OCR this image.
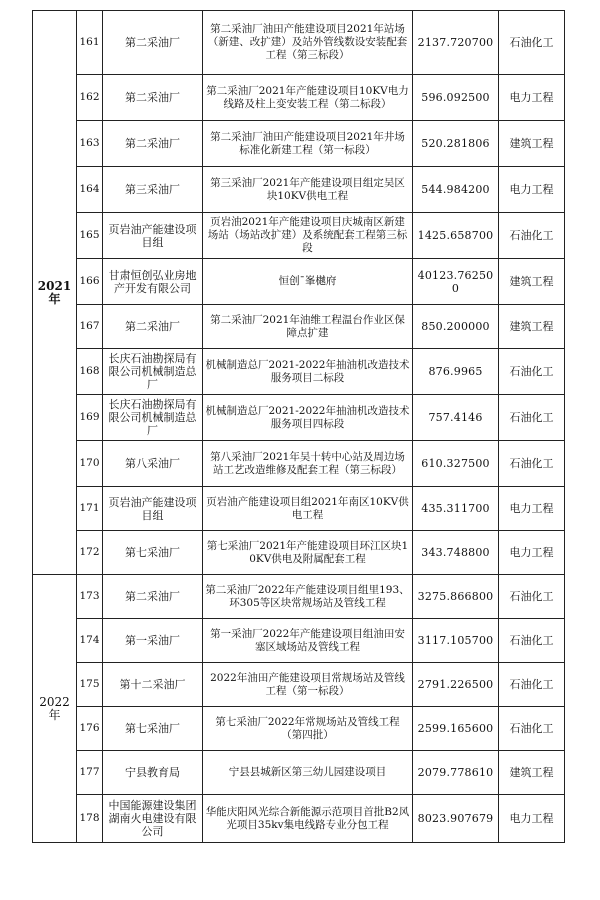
2021年	161	第二采油厂	第二采油厂油田产能建设项目2021年站场（新建、改扩建）及站外管线数设安装配套工程（第三标段）	2137.720700	石油化工
	162	第二采油厂	第二采油厂2021年产能建设项目10KV电力线路及柱上变安装工程（第二标段）	596.092500	电力工程
	163	第二采油厂	第二采油厂油田产能建设项目2021年井场标准化新建工程（第一标段）	520.281806	建筑工程
	164	第三采油厂	第三采油厂2021年产能建设项目组定吴区块10KV供电工程	544.984200	电力工程
	165	页岩油产能建设项目组	页岩油2021年产能建设项目庆城南区新建场站（场站改扩建）及系统配套工程第三标段	1425.658700	石油化工
	166	甘肃恒创弘业房地产开发有限公司	恒创ˉ峯樾府	40123.762500	建筑工程
	167	第二采油厂	第二采油厂2021年油维工程温台作业区保障点扩建	850.200000	建筑工程
	168	长庆石油勘探局有限公司机械制造总厂	机械制造总厂2021-2022年抽油机改造技术服务项目二标段	876.9965	石油化工
	169	长庆石油勘探局有限公司机械制造总厂	机械制造总厂2021-2022年抽油机改造技术服务项目四标段	757.4146	石油化工
	170	第八采油厂	第八采油厂2021年吴十转中心站及周边场站工艺改造维修及配套工程（第三标段）	610.327500	石油化工
	171	页岩油产能建设项目组	页岩油产能建设项目组2021年南区10KV供电工程	435.311700	电力工程
	172	第七采油厂	第七采油厂2021年产能建设项目环江区块10KV供电及附属配套工程	343.748800	电力工程
2022年	173	第二采油厂	第二采油厂2022年产能建设项目组里193、环305等区块常规场站及管线工程	3275.866800	石油化工
	174	第一采油厂	第一采油厂2022年产能建设项目组油田安塞区域场站及管线工程	3117.105700	石油化工
	175	第十二采油厂	2022年油田产能建设项目常规场站及管线工程（第一标段）	2791.226500	石油化工
	176	第七采油厂	第七采油厂2022年常规场站及管线工程（第四批）	2599.165600	石油化工
	177	宁县教育局	宁县县城新区第三幼儿园建设项目	2079.778610	建筑工程
	178	中国能源建设集团湖南火电建设有限公司	华能庆阳风光综合新能源示范项目首批B2风光项目35kv集电线路专业分包工程	8023.907679	电力工程
